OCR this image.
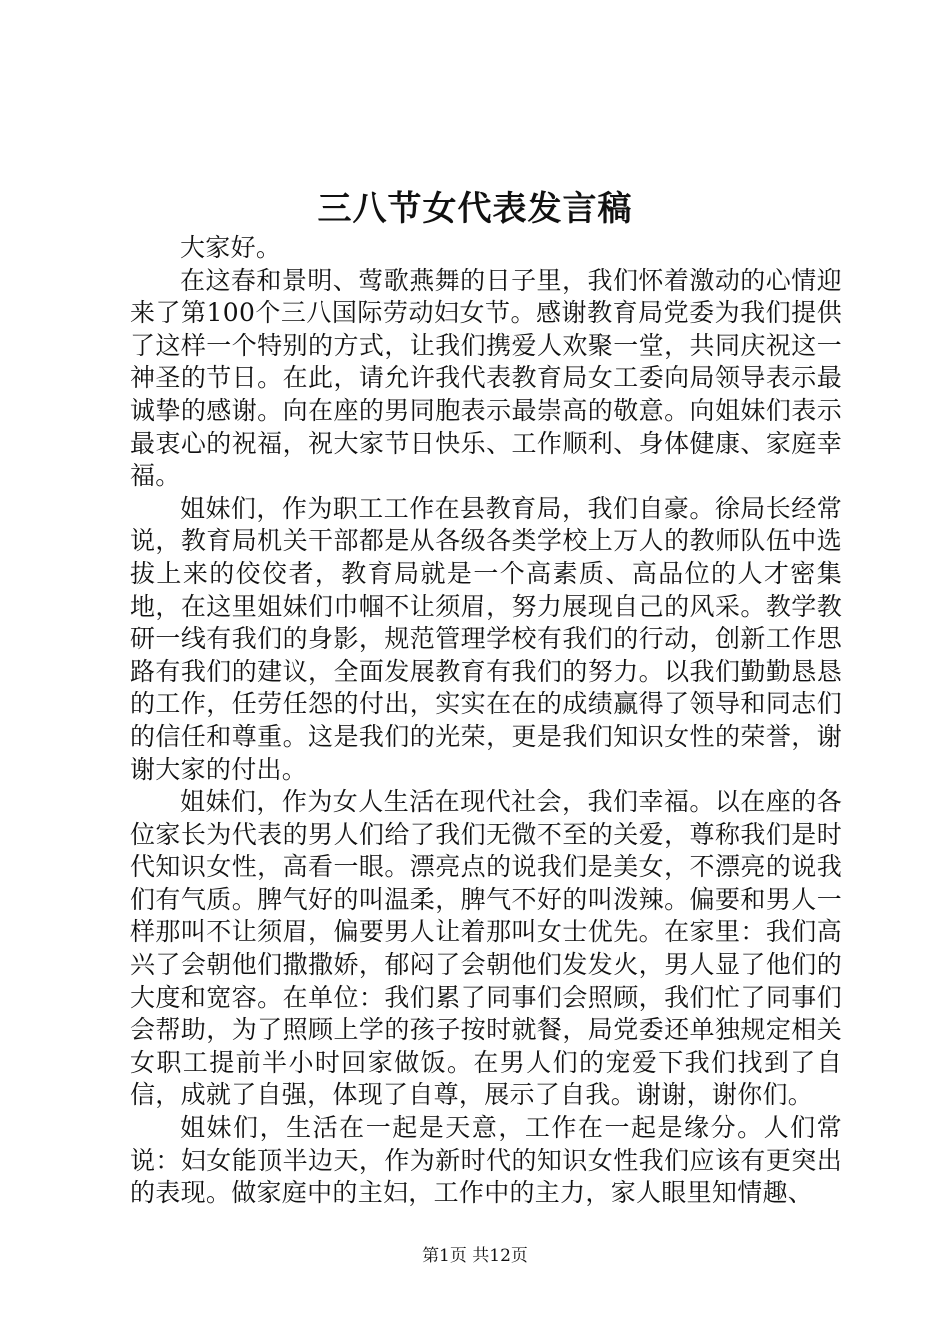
三八节女代表发言稿

大家好。

在这春和景明、莺歌燕舞的日子里，我们怀着激动的心情迎来了第100个三八国际劳动妇女节。感谢教育局党委为我们提供了这样一个特别的方式，让我们携爱人欢聚一堂，共同庆祝这一神圣的节日。在此，请允许我代表教育局女工委向局领导表示最诚挚的感谢。向在座的男同胞表示最崇高的敬意。向姐妹们表示最衷心的祝福，祝大家节日快乐、工作顺利、身体健康、家庭幸福。

姐妹们，作为职工工作在县教育局，我们自豪。徐局长经常说，教育局机关干部都是从各级各类学校上万人的教师队伍中选拔上来的佼佼者，教育局就是一个高素质、高品位的人才密集地，在这里姐妹们巾帼不让须眉，努力展现自己的风采。教学教研一线有我们的身影，规范管理学校有我们的行动，创新工作思路有我们的建议，全面发展教育有我们的努力。以我们勤勤恳恳的工作，任劳任怨的付出，实实在在的成绩赢得了领导和同志们的信任和尊重。这是我们的光荣，更是我们知识女性的荣誉，谢谢大家的付出。

姐妹们，作为女人生活在现代社会，我们幸福。以在座的各位家长为代表的男人们给了我们无微不至的关爱，尊称我们是时代知识女性，高看一眼。漂亮点的说我们是美女，不漂亮的说我们有气质。脾气好的叫温柔，脾气不好的叫泼辣。偏要和男人一样那叫不让须眉，偏要男人让着那叫女士优先。在家里：我们高兴了会朝他们撒撒娇，郁闷了会朝他们发发火，男人显了他们的大度和宽容。在单位：我们累了同事们会照顾，我们忙了同事们会帮助，为了照顾上学的孩子按时就餐，局党委还单独规定相关女职工提前半小时回家做饭。在男人们的宠爱下我们找到了自信，成就了自强，体现了自尊，展示了自我。谢谢，谢你们。

姐妹们，生活在一起是天意，工作在一起是缘分。人们常说：妇女能顶半边天，作为新时代的知识女性我们应该有更突出的表现。做家庭中的主妇，工作中的主力，家人眼里知情趣、

第1页 共12页
